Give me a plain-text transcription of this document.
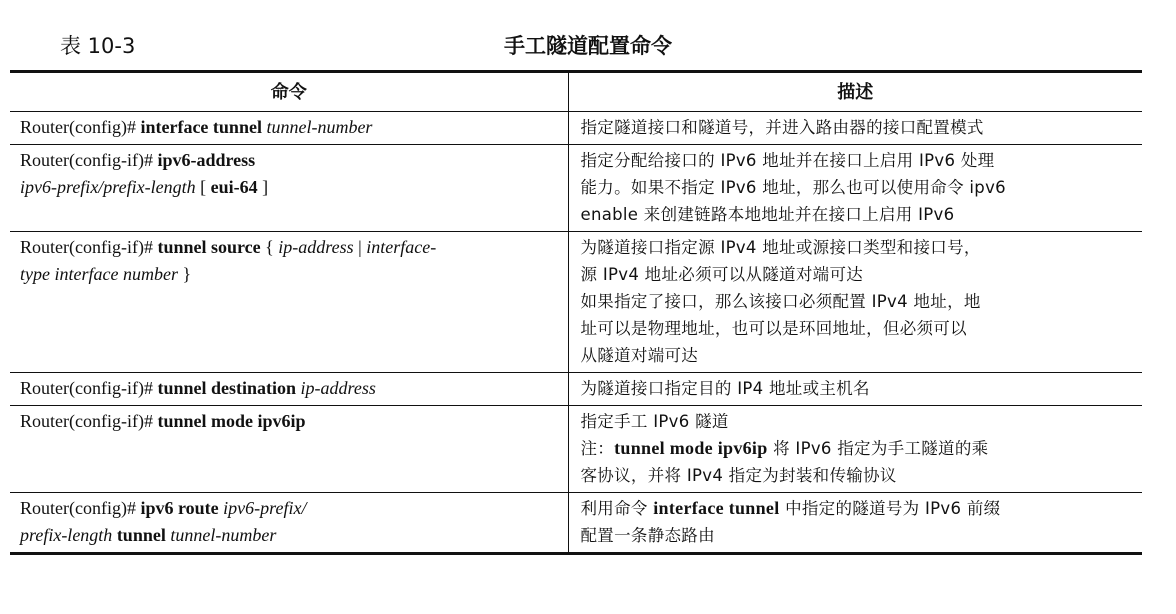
表 10-3	手工隧道配置命令
命令	描述

Router(config)# interface tunnel tunnel-number	指定隧道接口和隧道号，并进入路由器的接口配置模式

Router(config-if)# ipv6-address
ipv6-prefix/prefix-length [ eui-64 ]	指定分配给接口的 IPv6 地址并在接口上启用 IPv6 处理
能力。如果不指定 IPv6 地址，那么也可以使用命令 ipv6
enable 来创建链路本地地址并在接口上启用 IPv6

Router(config-if)# tunnel source { ip-address | interface-
type interface number }	为隧道接口指定源 IPv4 地址或源接口类型和接口号，
源 IPv4 地址必须可以从隧道对端可达
如果指定了接口，那么该接口必须配置 IPv4 地址，地
址可以是物理地址，也可以是环回地址，但必须可以
从隧道对端可达

Router(config-if)# tunnel destination ip-address	为隧道接口指定目的 IP4 地址或主机名

Router(config-if)# tunnel mode ipv6ip	指定手工 IPv6 隧道
注：tunnel mode ipv6ip 将 IPv6 指定为手工隧道的乘
客协议，并将 IPv4 指定为封装和传输协议

Router(config)# ipv6 route ipv6-prefix/
prefix-length tunnel tunnel-number	利用命令 interface tunnel 中指定的隧道号为 IPv6 前缀
配置一条静态路由
